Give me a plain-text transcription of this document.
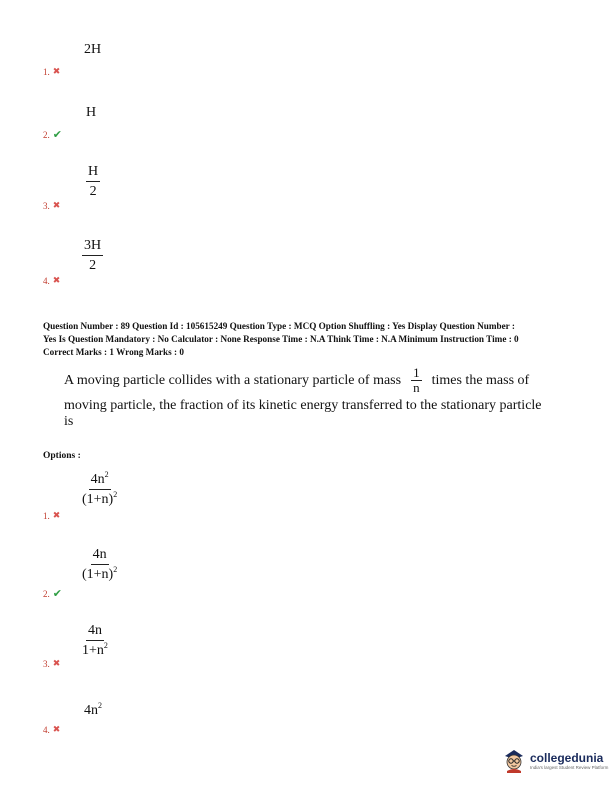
2H
1. ✖
H
2. ✔
$\frac{H}{2}$
3. ✖
$\frac{3H}{2}$
4. ✖
Question Number : 89 Question Id : 105615249 Question Type : MCQ Option Shuffling : Yes Display Question Number :
Yes Is Question Mandatory : No Calculator : None Response Time : N.A Think Time : N.A Minimum Instruction Time : 0
Correct Marks : 1 Wrong Marks : 0
A moving particle collides with a stationary particle of mass $\frac{1}{n}$ times the mass of
moving particle, the fraction of its kinetic energy transferred to the stationary particle
is
Options :
$\frac{4n^2}{(1+n)^2}$
1. ✖
$\frac{4n}{(1+n)^2}$
2. ✔
$\frac{4n}{1+n^2}$
3. ✖
$4n^2$
4. ✖
collegedunia
India's largest Student Review Platform
